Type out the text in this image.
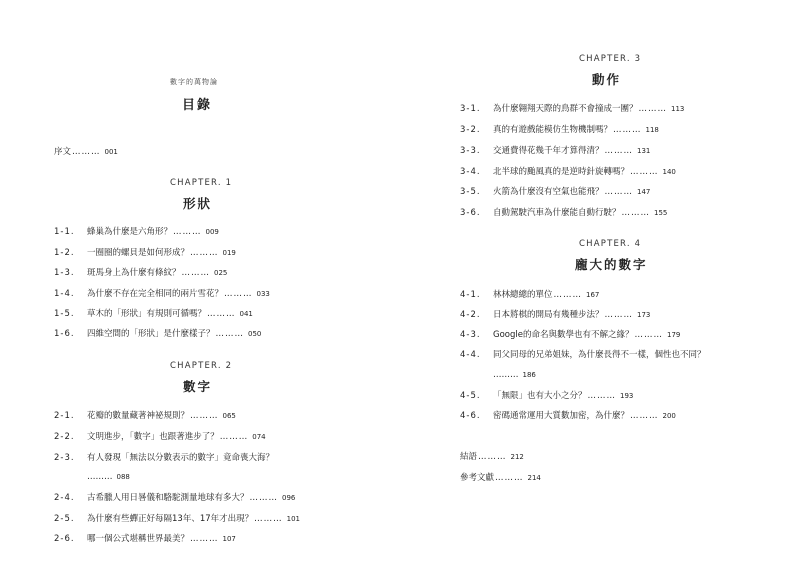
數字的萬物論
目錄
序文……… 001
CHAPTER. 1
形狀
1-1. 蜂巢為什麼是六角形？……… 009
1-2. 一圈圈的螺貝是如何形成？……… 019
1-3. 斑馬身上為什麼有條紋？……… 025
1-4. 為什麼不存在完全相同的兩片雪花？……… 033
1-5. 草木的「形狀」有規則可循嗎？……… 041
1-6. 四維空間的「形狀」是什麼樣子？……… 050
CHAPTER. 2
數字
2-1. 花瓣的數量藏著神祕規則？……… 065
2-2. 文明進步，「數字」也跟著進步了？……… 074
2-3. 有人發現「無法以分數表示的數字」竟命喪大海？
……… 088
2-4. 古希臘人用日晷儀和駱駝測量地球有多大？……… 096
2-5. 為什麼有些蟬正好每隔13年、17年才出現？……… 101
2-6. 哪一個公式堪稱世界最美？……… 107
CHAPTER. 3
動作
3-1. 為什麼翱翔天際的鳥群不會撞成一團？……… 113
3-2. 真的有遊戲能模仿生物機制嗎？……… 118
3-3. 交通費得花幾千年才算得清？……… 131
3-4. 北半球的颱風真的是逆時針旋轉嗎？……… 140
3-5. 火箭為什麼沒有空氣也能飛？……… 147
3-6. 自動駕駛汽車為什麼能自動行駛？……… 155
CHAPTER. 4
龐大的數字
4-1. 林林總總的單位……… 167
4-2. 日本將棋的開局有幾種步法？……… 173
4-3. Google的命名與數學也有不解之緣？……… 179
4-4. 同父同母的兄弟姐妹，為什麼長得不一樣，個性也不同？
……… 186
4-5. 「無限」也有大小之分？……… 193
4-6. 密碼通常運用大質數加密，為什麼？……… 200
結語……… 212
參考文獻……… 214
